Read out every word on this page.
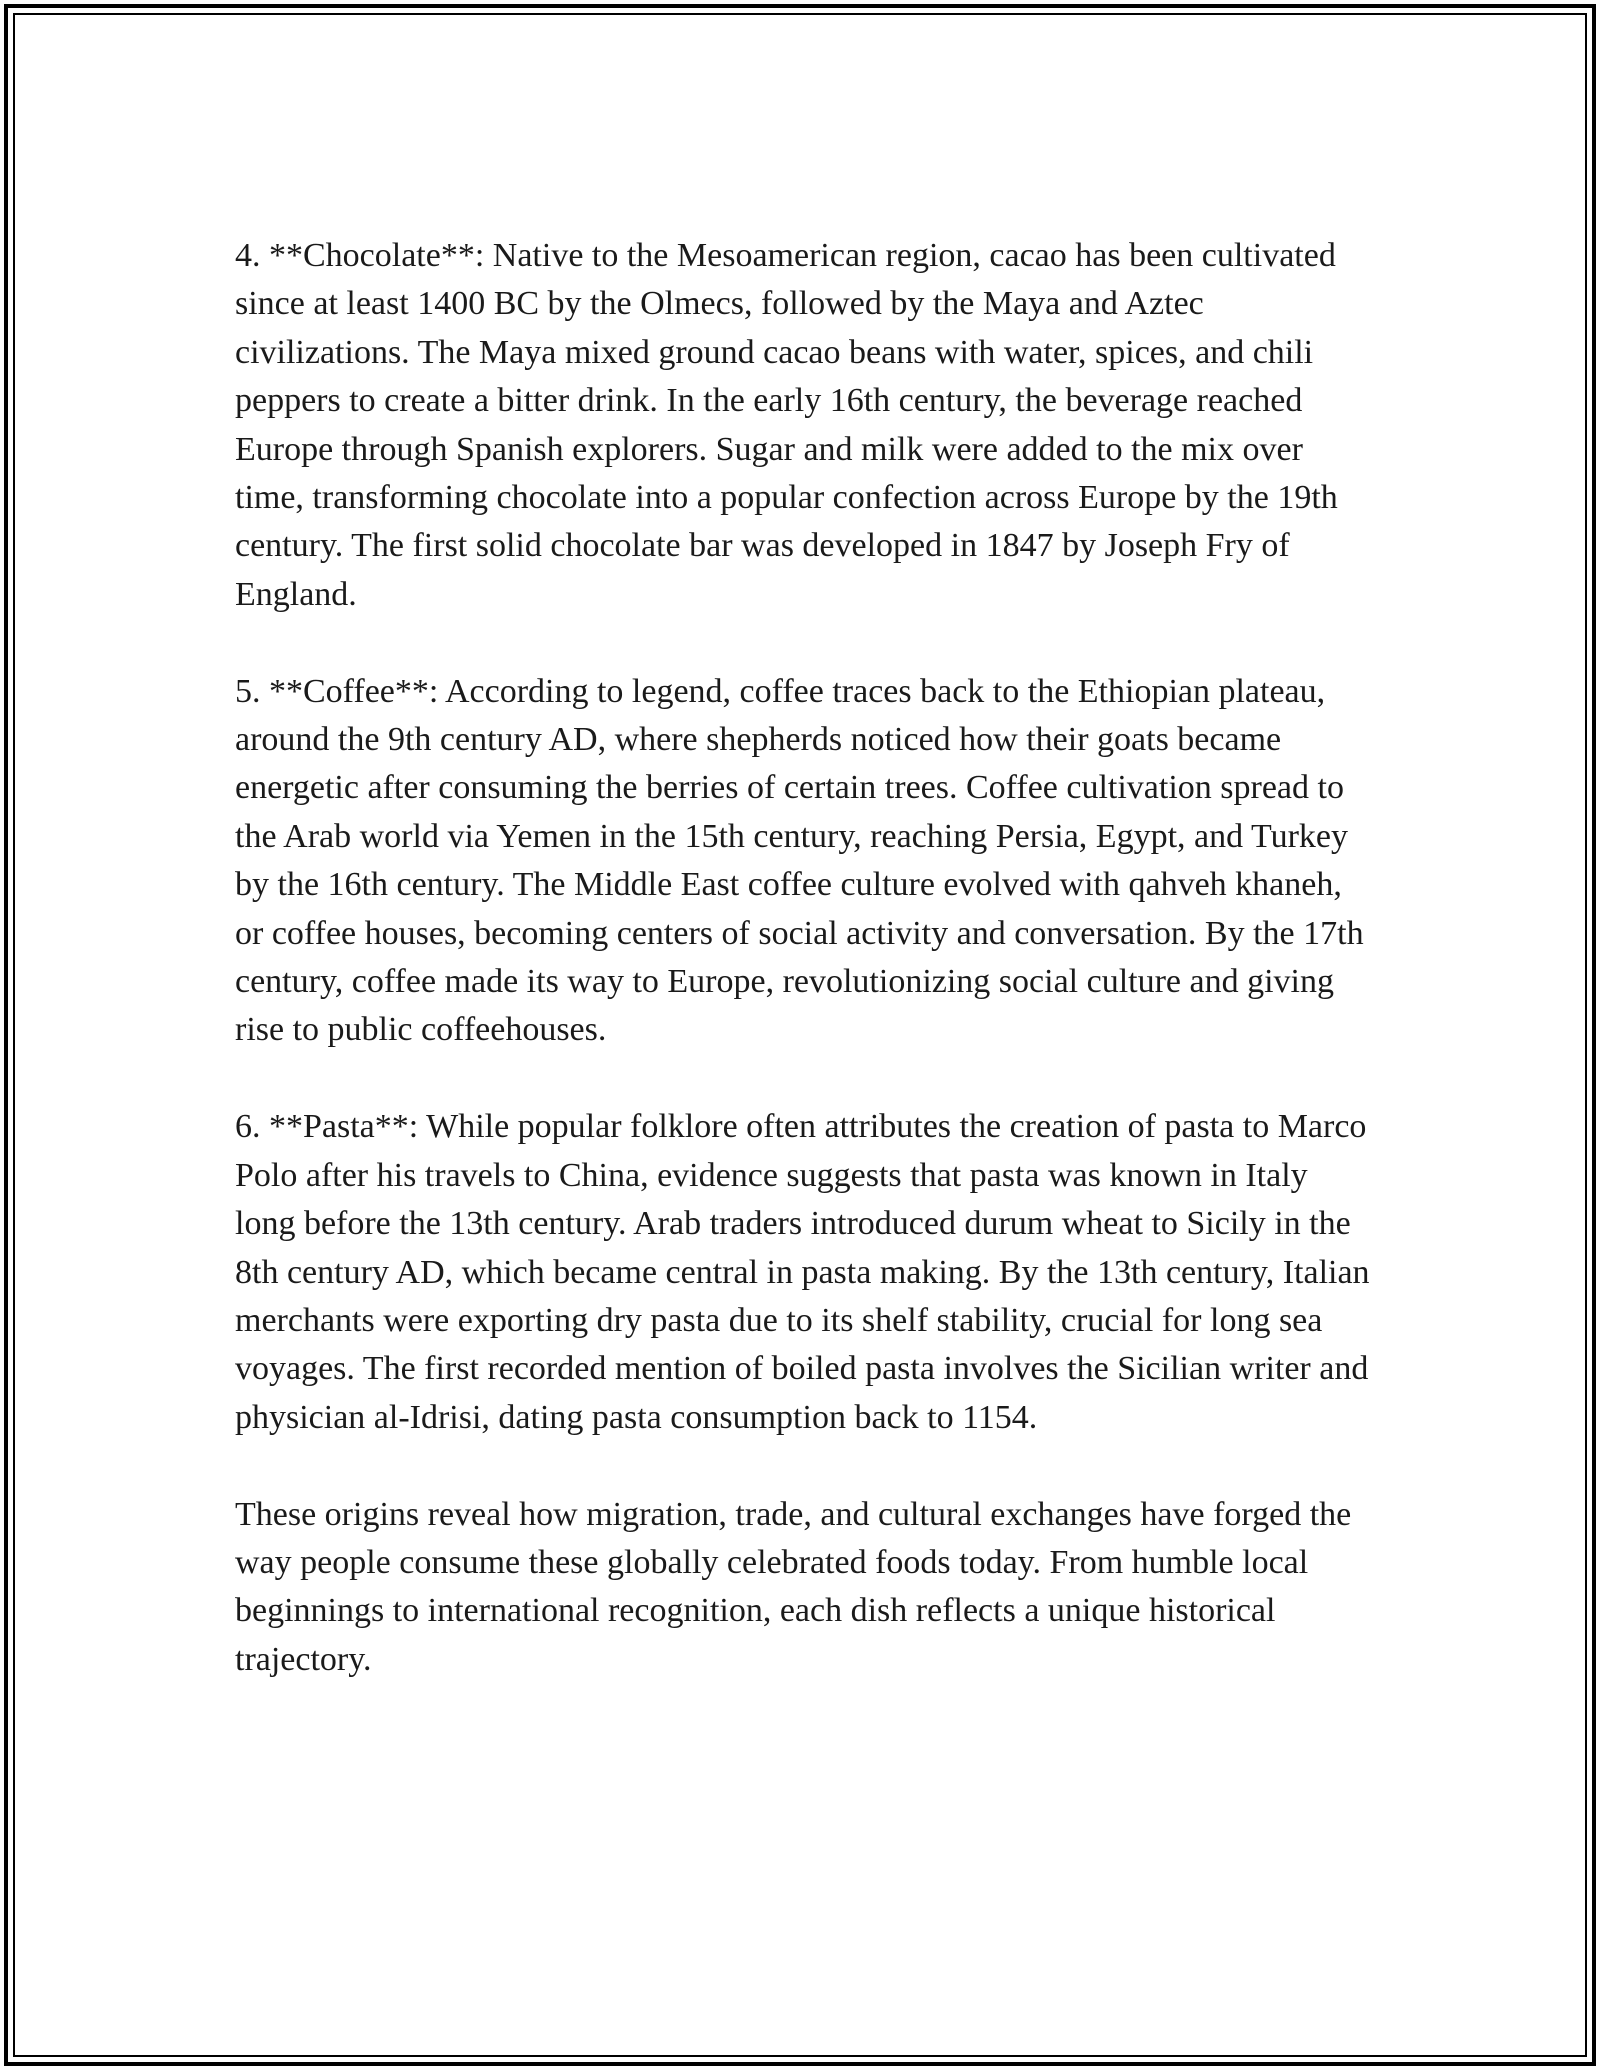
4. **Chocolate**: Native to the Mesoamerican region, cacao has been cultivated since at least 1400 BC by the Olmecs, followed by the Maya and Aztec civilizations. The Maya mixed ground cacao beans with water, spices, and chili peppers to create a bitter drink. In the early 16th century, the beverage reached Europe through Spanish explorers. Sugar and milk were added to the mix over time, transforming chocolate into a popular confection across Europe by the 19th century. The first solid chocolate bar was developed in 1847 by Joseph Fry of England.

5. **Coffee**: According to legend, coffee traces back to the Ethiopian plateau, around the 9th century AD, where shepherds noticed how their goats became energetic after consuming the berries of certain trees. Coffee cultivation spread to the Arab world via Yemen in the 15th century, reaching Persia, Egypt, and Turkey by the 16th century. The Middle East coffee culture evolved with qahveh khaneh, or coffee houses, becoming centers of social activity and conversation. By the 17th century, coffee made its way to Europe, revolutionizing social culture and giving rise to public coffeehouses.

6. **Pasta**: While popular folklore often attributes the creation of pasta to Marco Polo after his travels to China, evidence suggests that pasta was known in Italy long before the 13th century. Arab traders introduced durum wheat to Sicily in the 8th century AD, which became central in pasta making. By the 13th century, Italian merchants were exporting dry pasta due to its shelf stability, crucial for long sea voyages. The first recorded mention of boiled pasta involves the Sicilian writer and physician al-Idrisi, dating pasta consumption back to 1154.

These origins reveal how migration, trade, and cultural exchanges have forged the way people consume these globally celebrated foods today. From humble local beginnings to international recognition, each dish reflects a unique historical trajectory.
